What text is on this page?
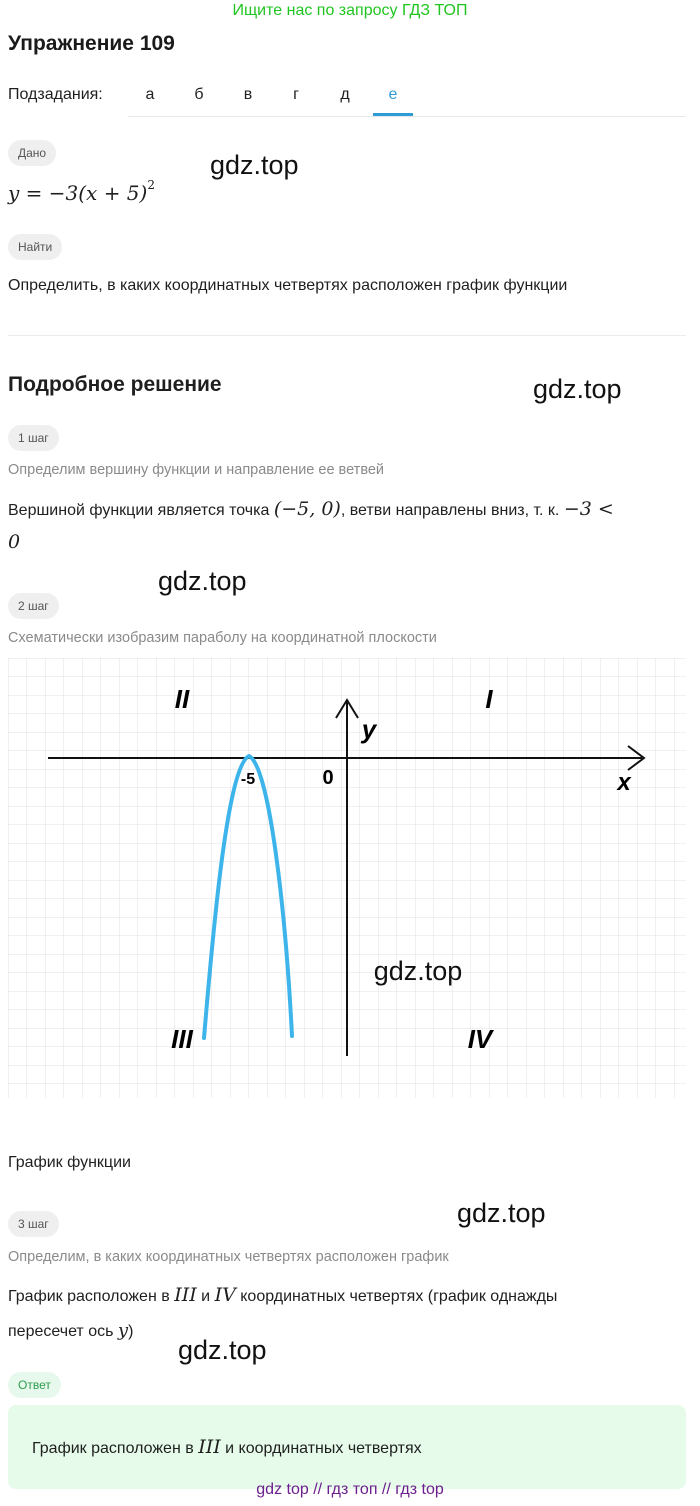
Ищите нас по запросу ГДЗ ТОП
Упражнение 109
Подзадания:	а	б	в	г	д	е
Дано	gdz.top
$y = -3(x + 5)^2$
Найти
Определить, в каких координатных четвертях расположен график функции
Подробное решение	gdz.top
1 шаг
Определим вершину функции и направление ее ветвей
Вершиной функции является точка (−5, 0), ветви направлены вниз, т. к. −3 <
0
gdz.top
2 шаг
Схематически изобразим параболу на координатной плоскости
II	I
III	IV
y
x
0
-5
gdz.top
График функции
gdz.top
3 шаг
Определим, в каких координатных четвертях расположен график
График расположен в III и IV координатных четвертях (график однажды
пересечет ось y)
gdz.top
Ответ
График расположен в III и координатных четвертях
gdz top // гдз топ // гдз top
